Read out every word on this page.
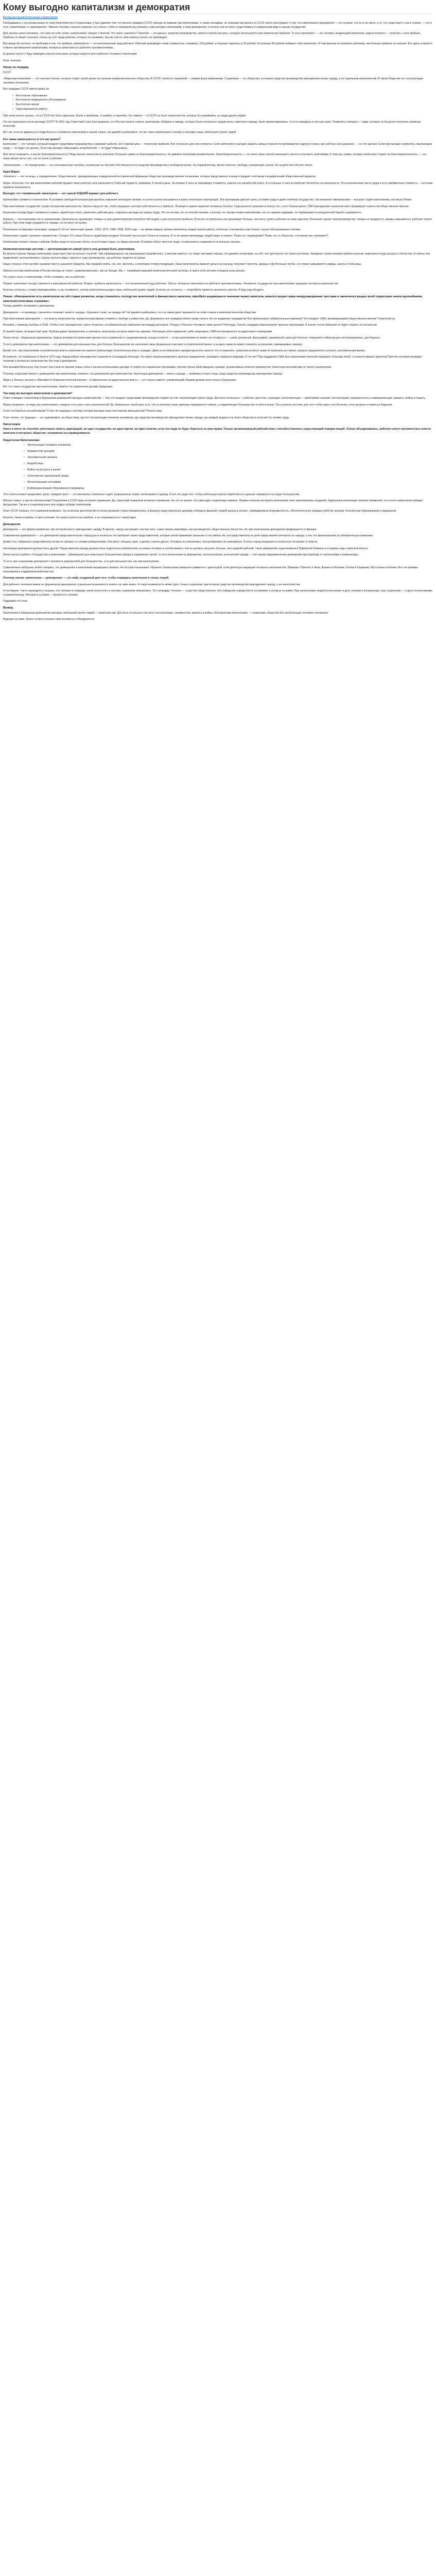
Кому выгодно капитализм и демократия
Взгляд выгодный Капитализм и Демократия

Пообщавшись с русскоязычными по тому Капиталистов и Социализма, я был удивлён тем, что многие граждане СССР, никогда не жившие при капитализме, а также молодёжь, не знающая как жилось в СССР, смело рассуждают о том, что капитализм и демократия — это лучшее, что есть на свете, а то, что существует у нас в стране, — это и есть «капитализм» и «демократия». Именно поэтому я решил написать эту статью, чтобы в очередной раз показать, кому выгоден капитализм, а кому демократия, и почему они не могут существовать в нормальном виде в нашем государстве.

Для начала нужно понимать, что само по себе слово «капитализм» говорит о многом. Что такое «капитал»? Капитал — это деньги, средства производства, земля и прочие ресурсы, которые используются для извлечения прибыли. То есть капиталист — это человек, владеющий капиталом, задача которого — получать с него прибыль. Прибыль он может получать только за счёт труда рабочих, которых он нанимает, так как сам по себе капитал ничего не производит.

Всё вроде бы логично, но проблема в том, что прибыль капиталиста — это неоплаченный труд рабочего. Рабочий производит товар стоимостью, к примеру, 100 рублей, а получает зарплату в 20 рублей. Остальные 80 рублей забирает себе капиталист. И чем меньше он заплатит рабочему, тем больше прибыль он получит. Вот здесь и кроется главное противоречие капитализма: интересы капиталиста и рабочего противоположны.

В данном тексте я буду приводить мысли классиков, которые кажутся мне наиболее точными и понятными.

Итак, поехали.

Начну по порядку.

СССР

«Марксизм-ленинизм» — это научное учение, которое ставит своей целью построение коммунистического общества. В СССР строился социализм — первая фаза коммунизма. Социализм — это общество, в котором средства производства принадлежат всему народу, а не отдельным капиталистам. В таком обществе нет эксплуатации человека человеком.

Все граждане СССР имели право на:

• Бесплатное образование
• Бесплатное медицинское обслуживание
• Бесплатное жильё
• Гарантированную работу

При этом нельзя сказать, что в СССР всё было идеально. Были и проблемы, и ошибки, и перегибы. Но главное — в СССР не было капиталистов, которые бы наживались на труде других людей.

Что же произошло после распада СССР? В 1991 году Советский Союз был разрушен, и в России начали строить капитализм. Фабрики и заводы, которые были построены трудом всего советского народа, были приватизированы, то есть переданы в частные руки. Появились олигархи — люди, которые за бесценок получили огромные богатства.

Вот так, если не вдаваться в подробности, и появился капитализм в нашей стране. Но давайте разберёмся, что же такое капитализм и почему он выгоден лишь небольшой группе людей.

Кто такие капиталисты и что им нужно?

Капиталист — это человек, который владеет средствами производства и нанимает рабочих. Его главная цель — получение прибыли. Всё остальное для него вторично. Если капиталисту выгодно закрыть завод и перенести производство в другую страну, где рабочая сила дешевле, — он это сделает. Если ему выгодно загрязнять окружающую среду — он будет это делать. Если ему выгодно обманывать потребителей — он будет обманывать.

Мне могут возразить: а как же благотворительность? Ведь многие капиталисты жертвуют большие суммы на благотворительность. Но давайте посмотрим внимательнее: благотворительность — это всего лишь способ уменьшить налоги и улучшить свой имидж. К тому же, сумма, которую капиталист отдаёт на благотворительность, — это лишь малая часть того, что он отнял у рабочих.

«Капитализм» — по определению — это экономическая система, основанная на частной собственности на средства производства и свободном рынке. На первый взгляд, звучит неплохо: свобода, конкуренция, рынок. Но на деле всё обстоит иначе.

Карл Маркс

«Капитал» — это не вещь, а определённое, общественное, принадлежащее определённой исторической формации общества производственное отношение, которое представлено в вещи и придаёт этой вещи специфический общественный характер.

Маркс объяснил, что при капитализме рабочий продаёт свою рабочую силу капиталисту. Рабочий трудится, например, 8 часов в день. За первые 4 часа он производит стоимость, равную его заработной плате. А остальные 4 часа он работает бесплатно на капиталиста. Эта неоплаченная часть труда и есть прибавочная стоимость — источник прибыли капиталиста.

Выходит, что «правильный» капитализм — это самый ХУДШИЙ вариант для рабочего.

Капитализм стремится к монополии. В условиях свободной конкуренции крупные компании поглощают мелкие, и в итоге рынок оказывается в руках нескольких корпораций. Эти корпорации диктуют цены, условия труда и даже политику государства. Так возникает империализм — высшая стадия капитализма, как писал Ленин.

При капитализме государство служит интересам капиталистов. Законы пишутся так, чтобы защищать частную собственность и прибыль. Полиция и армия охраняют интересы богатых. Суды выносят решения в пользу тех, у кого больше денег. СМИ принадлежат капиталистам и формируют нужное им общественное мнение.

Капиталист всегда будет стремиться снизить заработную плату, увеличить рабочий день, сократить расходы на охрану труда. Это не потому, что он плохой человек, а потому, что такова логика капитализма: кто не снижает издержки, тот проигрывает в конкурентной борьбе и разоряется.

Кризисы — неотъемлемая часть капитализма. Капиталисты производят товары не для удовлетворения потребностей людей, а для получения прибыли. В погоне за прибылью они производят больше, чем могут купить рабочие на свою зарплату. Возникает кризис перепроизводства: товары не продаются, заводы закрываются, рабочие теряют работу. При этом люди нуждаются в товарах, но не могут их купить.

Посмотрите на мировую экономику: каждые 8–10 лет происходит кризис. 1929, 1973, 1998, 2008, 2020 годы — во время каждого кризиса миллионы людей теряли работу, а богатые становились ещё богаче, скупая обесценившиеся активы.

Капитализм создаёт огромное неравенство. Сегодня 1% самых богатых людей мира владеет большей частью всех богатств планеты. В то же время миллиарды людей живут в нищете. Разве это справедливо? Разве это то общество, к которому мы стремимся?

Капитализм толкает страны к войнам. Войны ведутся за рынки сбыта, за источники сырья, за сферы влияния. В войнах гибнут простые люди, а капиталисты наживаются на военных заказах.

Капиталистическая система — антигуманная по самой сути и она должна быть уничтожена

Во многих странах Запада капитализм существует уже несколько столетий. Там сформировался так называемый средний класс, и многим кажется, что люди там живут хорошо. Но давайте посмотрим, за счёт чего достигнуто это благосостояние. Западные страны веками грабили колонии, вывозили оттуда ресурсы и богатства. И сейчас они продолжают эксплуатировать страны третьего мира, перенося туда производство, где рабочие трудятся за гроши.

Наша страна в этой системе занимает место сырьевого придатка. Мы продаём нефть, газ, лес, металлы, а покупаем готовую продукцию. Наши капиталисты вывозят деньги за границу, покупают там яхты, дворцы и футбольные клубы, а в стране закрываются заводы, школы и больницы.

Именно поэтому капитализм в России никогда не станет «цивилизованным», как на Западе. Мы — периферия мировой капиталистической системы, и нам в этой системе отведена роль донора.

Что нужно знать о капитализме, чтобы понимать, как он работает:

Первое: капиталист всегда стремится к максимальной прибыли. Второе: прибыль капиталиста — это неоплаченный труд рабочего. Третье: интересы капиталиста и рабочего противоположны. Четвёртое: государство при капитализме защищает интересы капиталистов.

Если вы согласны с этими утверждениями, то вы понимаете, почему капитализм выгоден лишь небольшой группе людей. Если вы не согласны, — попробуйте привести аргументы против. Я буду рад обсудить.

Ленин: «Империализм есть капитализм на той стадии развития, когда сложилось господство монополий и финансового капитала, приобрёл выдающееся значение вывоз капитала, начался раздел мира международными трестами и закончился раздел всей территории земли крупнейшими капиталистическими странами».

Теперь давайте поговорим о демократии.

Демократия — в переводе с греческого означает «власть народа». Красивое слово, не правда ли? Но давайте разберёмся, что на самом деле скрывается за этим словом в капиталистическом обществе.

При капитализме демократия — это власть капиталистов, прикрытая красивыми словами о свободе и равенстве. Да, формально все граждане имеют право голоса. Но кто выдвигает кандидатов? Кто финансирует избирательные кампании? Кто владеет СМИ, формирующими общественное мнение? Капиталисты.

Возьмём, к примеру, выборы в США. Чтобы стать президентом, нужно потратить на избирательную кампанию миллиарды долларов. Откуда у обычного человека такие деньги? Ниоткуда. Значит, кандидата финансируют крупные корпорации. А значит, после избрания он будет служить их интересам.

В нашей стране ситуация ещё хуже. Выборы давно превратились в спектакль, результаты которого известны заранее. Оппозиция либо карманная, либо запрещена. СМИ контролируются государством и олигархами.

Ленин писал: «Буржуазная демократия, будучи великим историческим прогрессом в сравнении со средневековьем, всегда остаётся — и при капитализме не может не оставаться — узкой, урезанной, фальшивой, лицемерной, раем для богатых, ловушкой и обманом для эксплуатируемых, для бедных».

То есть демократия при капитализме — это демократия для меньшинства, для богатых. Большинство же населения лишь формально участвует в политической жизни, а на деле никак не может повлиять на решения, принимаемые наверху.

Кроме того, при капитализме экономическая власть капиталистов намного превосходит политическую власть граждан. Даже если избранные народом депутаты захотят что-то изменить, капиталисты могут вывести капиталы из страны, закрыть предприятия, устроить экономический кризис.

Вспомните, что произошло в Чили в 1973 году. Народ избрал президентом социалиста Сальвадора Альенде. Он начал национализировать крупные предприятия, проводить аграрную реформу. И что же? При поддержке США был организован военный переворот, Альенде погиб, а к власти пришёл диктатор Пиночет, который проводил политику в интересах капиталистов. Вот вам и демократия.

Или возьмём Венесуэлу. Как только там к власти пришли левые силы и начали использовать доходы от нефти на социальные программы, против страны были введены санкции, организованы попытки переворотов. Капиталистический мир не терпит альтернатив.

Поэтому, когда вам говорят о демократии при капитализме, помните: это демократия для капиталистов. Настоящая демократия — власть народа — возможна только тогда, когда средства производства принадлежат народу.

Маркс и Энгельс писали в «Манифесте Коммунистической партии»: «Современная государственная власть — это только комитет, управляющий общими делами всего класса буржуазии».

Вот что такое государство при капитализме: комитет по управлению делами буржуазии.

Так кому же выгоден капитализм и демократия?

Ответ очевиден: капитализм и буржуазная демократия выгодны капиталистам — тем, кто владеет средствами производства и живёт за счёт эксплуатации чужого труда. Для всех остальных — рабочих, крестьян, служащих, интеллигенции — капитализм означает эксплуатацию, неуверенность в завтрашнем дне, кризисы, войны и нищету.

Можно возразить: но ведь при капитализме у каждого есть шанс стать капиталистом! Да, формально такой шанс есть. Но на практике лишь единицы поднимаются наверх, а подавляющее большинство остаётся внизу. Так устроена система: для того чтобы один стал богатым, сотни должны оставаться бедными.

Стоит ли бороться за капитализм? Стоит ли защищать систему, которая выгодна лишь ничтожному меньшинству? Решать вам.

Я же считаю, что будущее — за социализмом, за обществом, где нет эксплуатации человека человеком, где средства производства принадлежат всему народу, где каждый трудится на благо общества и получает по своему труду.

Напоследок

Никто и ничто не способно уничтожить власть корпораций, ни одно государство, ни одна партия, ни один политик, если эти люди не будут бороться за свои права. Только организованный рабочий класс способен изменить существующий порядок вещей. Только объединившись, рабочие смогут противостоять власти капитала и построить общество, основанное на справедливости.

Недостатки Капитализма:
• Эксплуатация человека человеком
• Неравенство доходов
• Экономические кризисы
• Безработица
• Войны за ресурсы и рынки
• Уничтожение окружающей среды
• Монополизация экономики
• Коммерциализация образования и медицины

Этот список можно продолжать долго. Каждый пункт — это миллионы сломанных судеб, разрушенных семей, несбывшихся надежд. И всё это ради того, чтобы небольшая группа людей могла и дальше наживаться на труде большинства.

Многие скажут: а где же альтернатива? Социализм в СССР ведь потерпел поражение. Да, советский социализм потерпел поражение. Но это не значит, что сама идея социализма неверна. Первые попытки построить капитализм тоже заканчивались неудачей, буржуазные революции терпели поражения, но в итоге капитализм победил феодализм. Так же и социализм рано или поздно победит капитализм.

Опыт СССР показал, что социализм возможен. За несколько десятилетий отсталая аграрная страна превратилась в мощную индустриальную державу, победила фашизм, первой вышла в космос, ликвидировала безграмотность, обеспечила всех граждан работой, жильём, бесплатным образованием и медициной.

Конечно, были и ошибки, и преступления. Но нужно учиться на ошибках, а не отказываться от самой идеи.

Демократия

Демократия — это форма правления, при которой власть принадлежит народу. В идеале, народ сам решает, как ему жить, какие законы принимать, как распределять общественные богатства. Но при капитализме демократия превращается в фикцию.

Современная демократия — это демократия представительная. Народ раз в несколько лет выбирает своих представителей, которые затем принимают решения от его имени. Но эти представители на деле представляют интересы не народа, а тех, кто финансировал их избирательную кампанию.

Кроме того, избранные представители ничем не связаны со своими избирателями. Они могут обещать одно, а делать совсем другое. Отозвать их невозможно. Контролировать их невозможно. В итоге народ оказывается полностью отстранён от власти.

Настоящая демократия должна быть другой. Представители народа должны быть подотчётны избирателям, их можно отозвать в любой момент, они не должны получать больше, чем средний рабочий. Такая демократия существовала в Парижской Коммуне и в первые годы советской власти.

Ленин писал в работе «Государство и революция»: «Демократия для гигантского большинства народа и подавление силой, то есть исключение из демократии, эксплуататоров, угнетателей народа, — вот каково видоизменение демократии при переходе от капитализма к коммунизму».

То есть при социализме демократия становится демократией для большинства, а не для меньшинства, как при капитализме.

Современные либералы любят говорить, что демократия и капитализм неразрывно связаны. Но история показывает обратное. Капитализм прекрасно уживается с диктатурой, если диктатура защищает интересы капиталистов. Примеры: Пиночет в Чили, Франко в Испании, Гитлер в Германии, Муссолини в Италии. Все эти режимы пользовались поддержкой капиталистов.

Поэтому связка «капитализм — демократия» — это миф, созданный для того, чтобы оправдать капитализм в глазах людей.

Для рабочего человека важна не формальная демократия, а реальная возможность влиять на свою жизнь. А такую возможность может дать только социализм, при котором средства производства принадлежат народу, а не капиталистам.

И последнее. Часто приходится слышать, что человек по природе своей эгоистичен и поэтому социализм невозможен. Это неправда. Человек — существо общественное. Его поведение определяется условиями, в которых он живёт. При капитализме людей воспитывают в духе эгоизма и конкуренции, при социализме — в духе коллективизма и взаимопомощи. Меняются условия — меняется и человек.

Подумайте об этом.

Вывод

Капитализм и буржуазная демократия выгодны небольшой группе людей — капиталистам. Для всех остальных они несут эксплуатацию, неравенство, кризисы и войны. Альтернатива капитализму — социализм, общество без эксплуатации человека человеком.

Будущее за нами. Нужно только осознать свои интересы и объединиться.
